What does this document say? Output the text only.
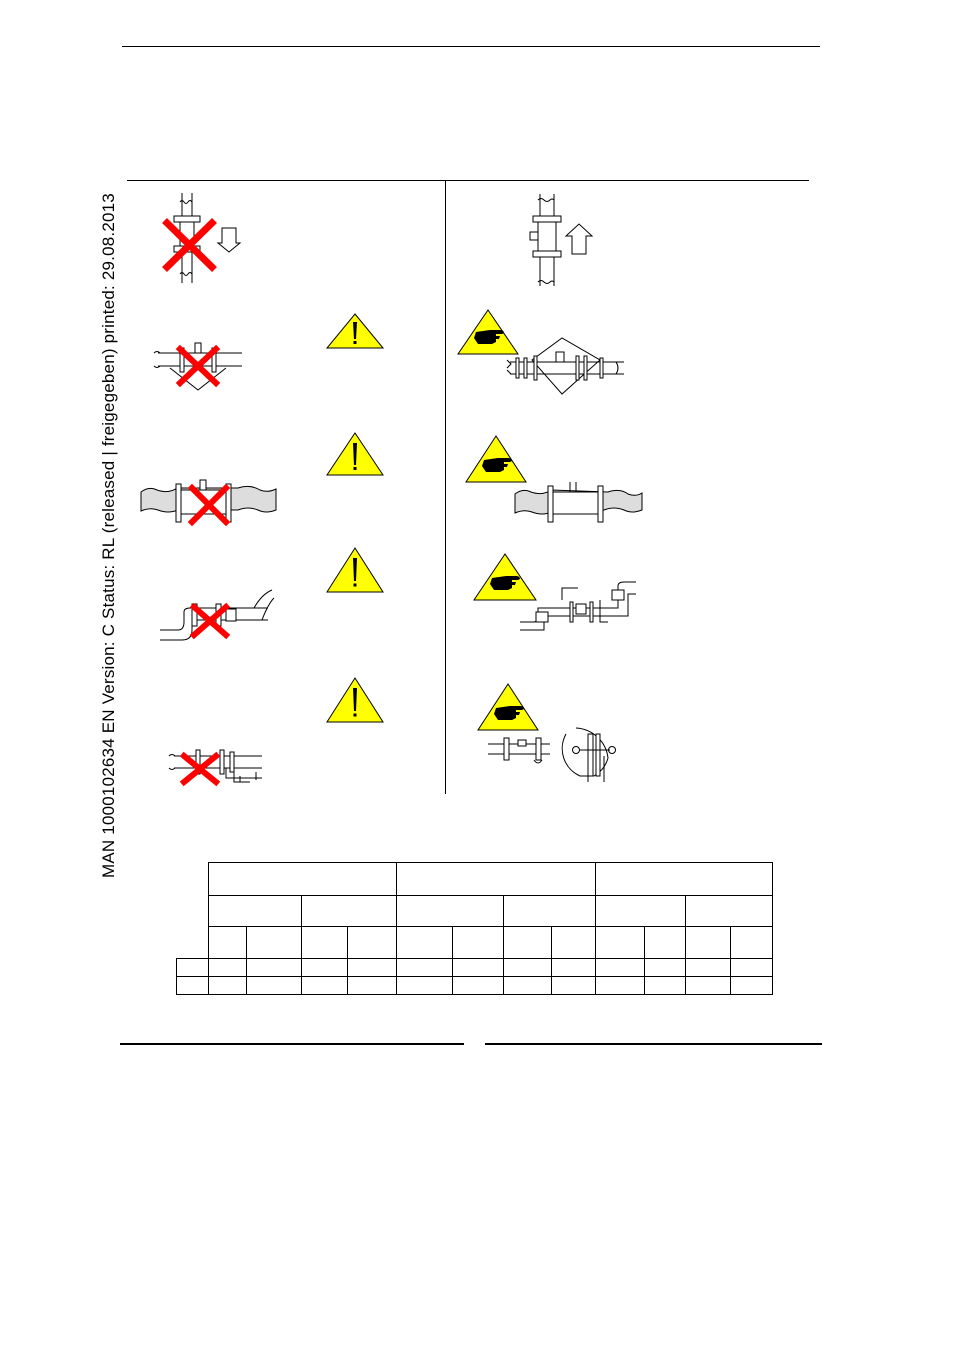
MAN 1000102634 EN Version: C Status: RL (released | freigegeben) printed: 29.08.2013
